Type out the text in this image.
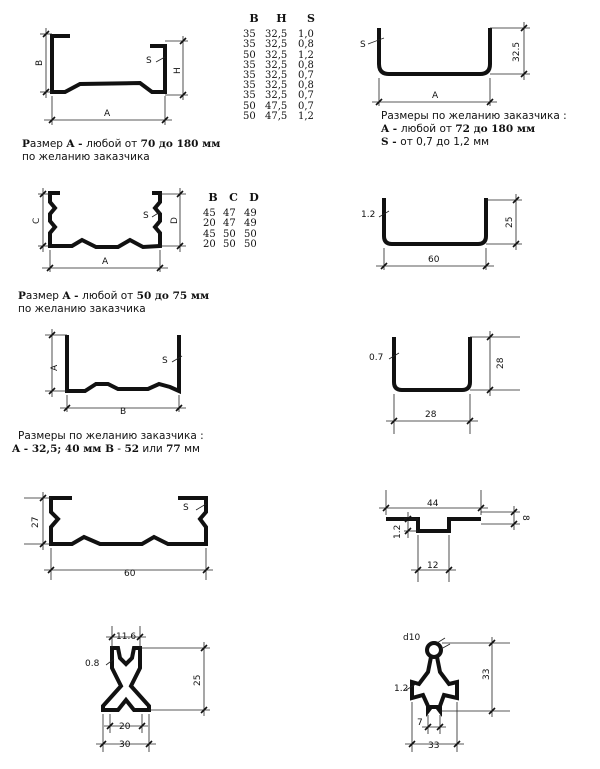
B
H
A
S
S	32.5
A
C	D
A
S	1.2
25
60
A
B
S	0.7	28
28
27
60
S	44
8
1.2
12
11.6
0.8
25
20
30
d10
1.2
33
7
33
B	H	S
35	32,5	1,0
35	32,5	0,8
50	32,5	1,2
35	32,5	0,8
35	32,5	0,7
35	32,5	0,8
35	32,5	0,7
50	47,5	0,7
50	47,5	1,2
B	C	D
45	47	49
20	47	49
45	50	50
20	50	50
Размер A - любой от 70 до 180 мм
по желанию заказчика
Размеры по желанию заказчика :
A - любой от 72 до 180 мм
S - от 0,7 до 1,2 мм
Размер A - любой от 50 до 75 мм
по желанию заказчика
Размеры по желанию заказчика :
A - 32,5; 40 мм B - 52 или 77 мм
